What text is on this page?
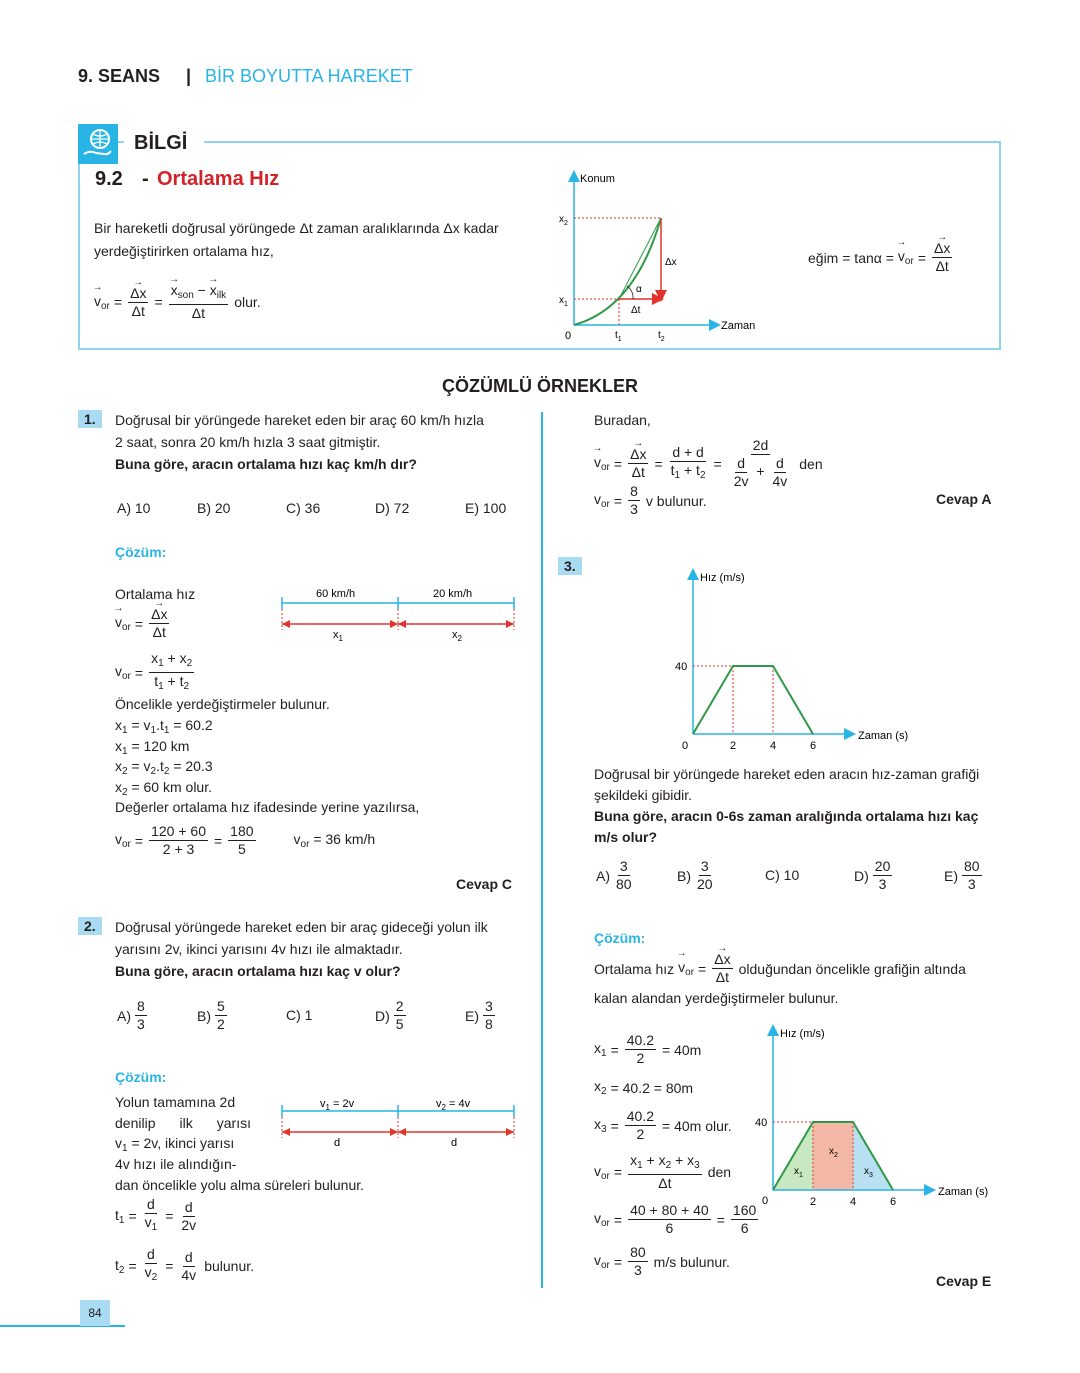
9. SEANS | BİR BOYUTTA HAREKET
BİLGİ
9.2 - Ortalama Hız
Bir hareketli doğrusal yörüngede Δt zaman aralıklarında Δx kadar
yerdeğiştirirken ortalama hız,
→ $v_{or}$ =
→ Δx
Δt
=
→ $x_{son}$ − → $x_{ilk}$
Δt
olur.
Konum
Zaman
$x_2$
$x_1$
0	$t_1$	$t_2$
α
Δt
Δx	eğim = tanα = → $v_{or}$ =
→ Δx
Δt
ÇÖZÜMLÜ ÖRNEKLER
1.	Doğrusal bir yörüngede hareket eden bir araç 60 km/h hızla
2 saat, sonra 20 km/h hızla 3 saat gitmiştir.
Buna göre, aracın ortalama hızı kaç km/h dır?
A) 10	B) 20	C) 36	D) 72	E) 100
Çözüm:
Ortalama hız
→ $v_{or}$ =
→ Δx
Δt
$v_{or}$ =
$x_1 + x_2$
$t_1 + t_2$
60 km/h	20 km/h
$x_1$	$x_2$
Öncelikle yerdeğiştirmeler bulunur.
$x_1 = v_1.t_1 = 60.2$
$x_1 = 120$ km
$x_2 = v_2.t_2 = 20.3$
$x_2 = 60$ km olur.
Değerler ortalama hız ifadesinde yerine yazılırsa,
$v_{or}$ =
120 + 60
2 + 3
=
180
5
$v_{or} = 36$ km/h
Cevap C
2.	Doğrusal yörüngede hareket eden bir araç gideceği yolun ilk
yarısını 2v, ikinci yarısını 4v hızı ile almaktadır.
Buna göre, aracın ortalama hızı kaç v olur?
A)
8
3
B)
5
2
C) 1	D)
2
5
E)
3
8
Çözüm:
Yolun tamamına 2d
denilip ilk yarısı
$v_1 = 2v$, ikinci yarısı
4v hızı ile alındığın-
dan öncelikle yolu alma süreleri bulunur.
$v_1 = 2v$	$v_2 = 4v$
d	d
$t_1$ =
d
$v_1$
=
d
2v
$t_2$ =
d
$v_2$
=
d
4v
bulunur.
Buradan,
→ $v_{or}$ =
→ Δx
Δt
=
d + d
$t_1 + t_2$
=
2d
$\frac{d}{2v} + \frac{d}{4v}$ den
$v_{or}$ =
8
3
v bulunur.	Cevap A
3.
Hız (m/s)
Zaman (s)
40
0	2	4	6
Doğrusal bir yörüngede hareket eden aracın hız-zaman grafiği
şekildeki gibidir.
Buna göre, aracın 0-6s zaman aralığında ortalama hızı kaç
m/s olur?
A)
3
80
B)
3
20
C) 10	D)
20
3
E)
80
3
Çözüm:
Ortalama hız → $v_{or}$ =
→ Δx
Δt
olduğundan öncelikle grafiğin altında
kalan alandan yerdeğiştirmeler bulunur.
$x_1 = \frac{40.2}{2} = 40m$
$x_2 = 40.2 = 80m$
$x_3 = \frac{40.2}{2} = 40m$ olur.
$v_{or}$ =
$x_1 + x_2 + x_3$
Δt
den
$v_{or}$ =
40 + 80 + 40
6
=
160
6
$v_{or}$ =
80
3
m/s bulunur.
Hız (m/s)
Zaman (s)
40
0	2	4	6
$x_1$
$x_2$
$x_3$
Cevap E
84
